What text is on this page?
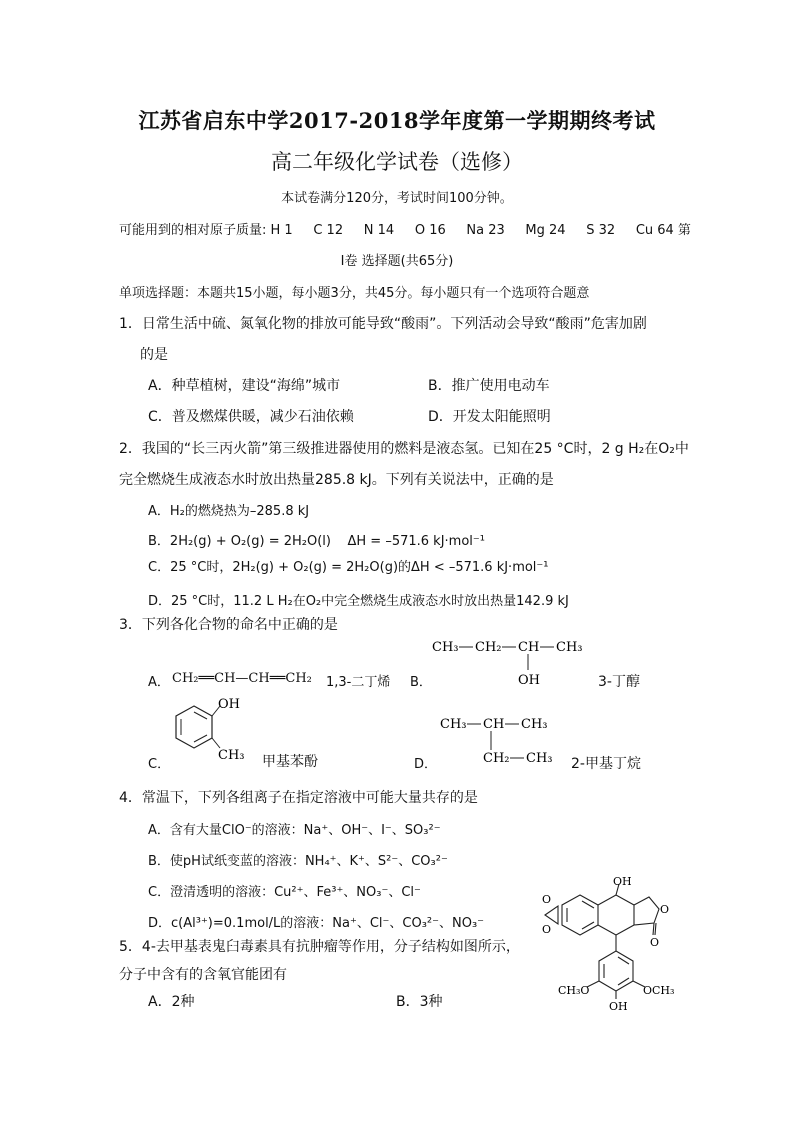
江苏省启东中学2017-2018学年度第一学期期终考试
高二年级化学试卷（选修）
本试卷满分120分，考试时间100分钟。
可能用到的相对原子质量: H 1     C 12     N 14     O 16     Na 23     Mg 24     S 32     Cu 64 第
I卷 选择题(共65分)
单项选择题：本题共15小题，每小题3分，共45分。每小题只有一个选项符合题意
1．日常生活中硫、氮氧化物的排放可能导致“酸雨”。下列活动会导致“酸雨”危害加剧
的是
A．种草植树，建设“海绵”城市	B．推广使用电动车
C．普及燃煤供暖，减少石油依赖	D．开发太阳能照明
2．我国的“长三丙火箭”第三级推进器使用的燃料是液态氢。已知在25 °C时，2 g H₂在O₂中
完全燃烧生成液态水时放出热量285.8 kJ。下列有关说法中，正确的是
A．H₂的燃烧热为–285.8 kJ
B．2H₂(g) + O₂(g) = 2H₂O(l)    ΔH = –571.6 kJ·mol⁻¹
C．25 °C时，2H₂(g) + O₂(g) = 2H₂O(g)的ΔH < –571.6 kJ·mol⁻¹
D．25 °C时，11.2 L H₂在O₂中完全燃烧生成液态水时放出热量142.9 kJ
3．下列各化合物的命名中正确的是
A． CH₂══CH—CH══CH₂ 1,3-二丁烯 B．
CH₃ CH₂ CH CH₃
OH	3-丁醇
C．
OH
CH₃ 甲基苯酚	D．
CH₃ CH CH₃
CH₂ CH₃ 2-甲基丁烷
4．常温下，下列各组离子在指定溶液中可能大量共存的是
A．含有大量ClO⁻的溶液：Na⁺、OH⁻、I⁻、SO₃²⁻
B．使pH试纸变蓝的溶液：NH₄⁺、K⁺、S²⁻、CO₃²⁻
C．澄清透明的溶液：Cu²⁺、Fe³⁺、NO₃⁻、Cl⁻
D．c(Al³⁺)=0.1mol/L的溶液：Na⁺、Cl⁻、CO₃²⁻、NO₃⁻
5．4-去甲基表鬼臼毒素具有抗肿瘤等作用，分子结构如图所示，
分子中含有的含氧官能团有
A．2种	B．3种
OH
O
O
O
O
CH₃O	OCH₃
OH
